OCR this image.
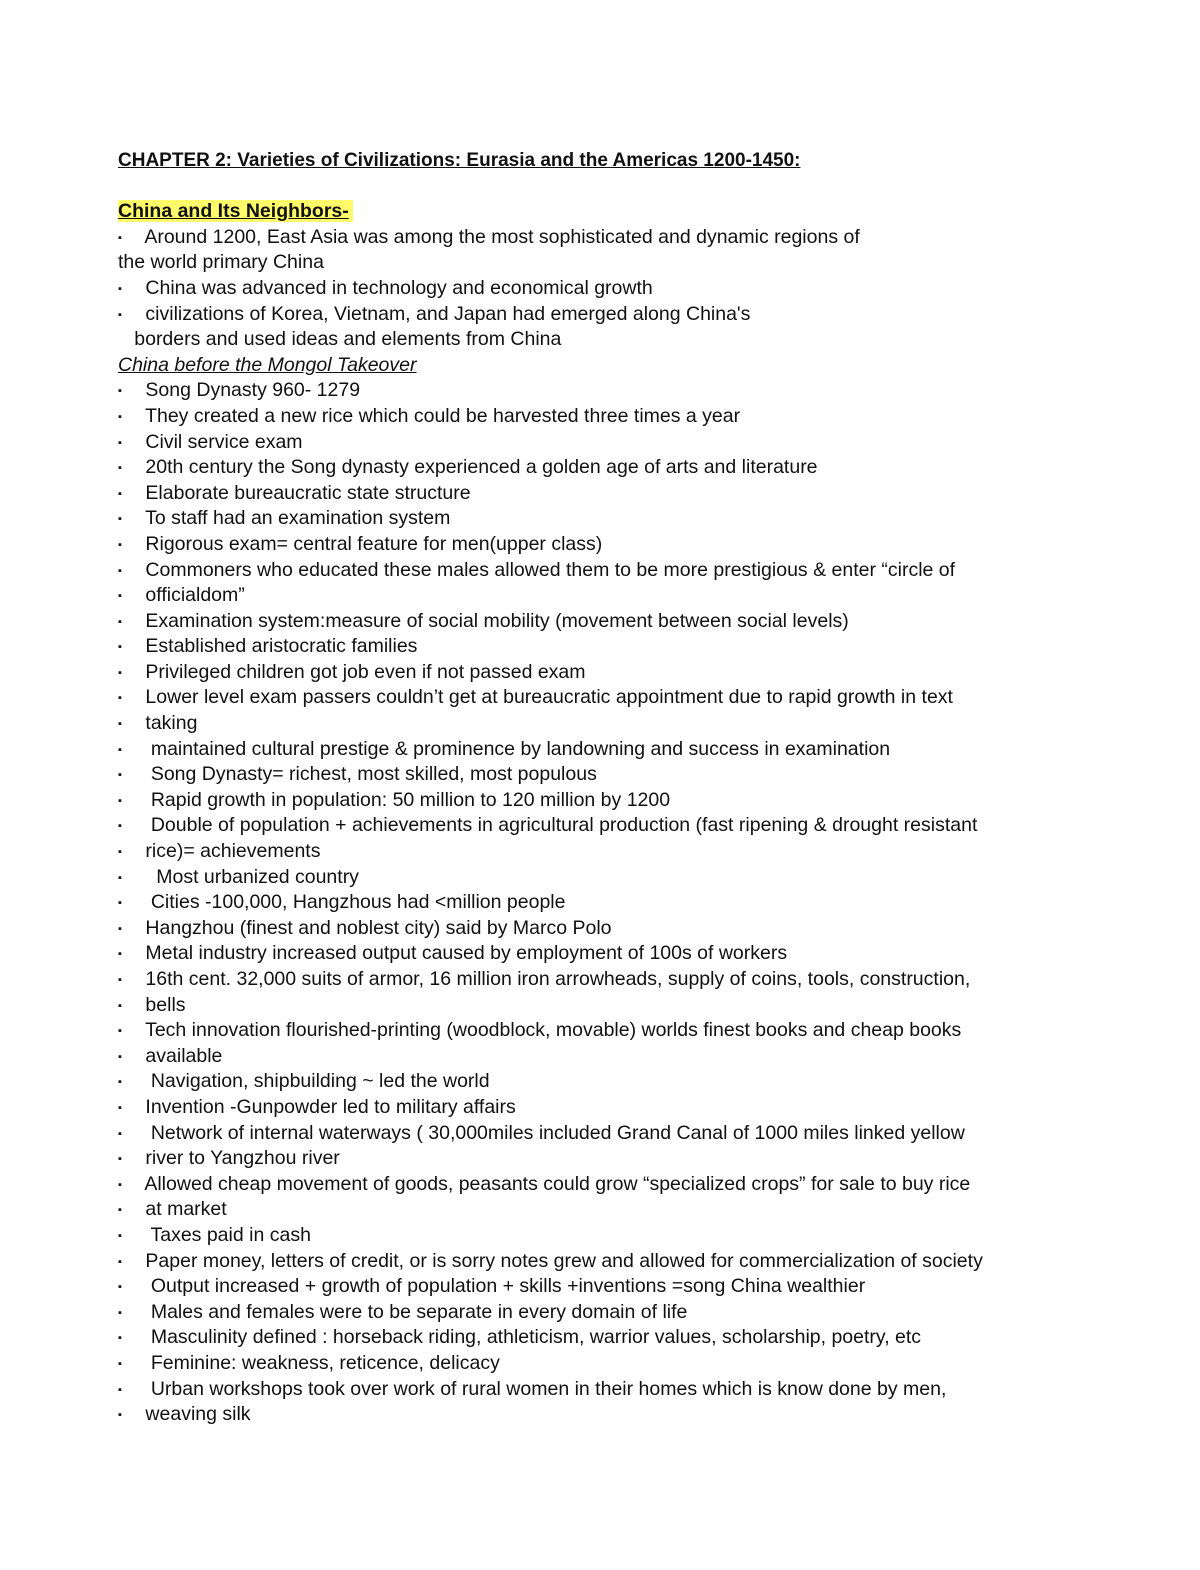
CHAPTER 2: Varieties of Civilizations: Eurasia and the Americas 1200-1450:
China and Its Neighbors-
▪ Around 1200, East Asia was among the most sophisticated and dynamic regions of
the world primary China
▪ China was advanced in technology and economical growth
▪ civilizations of Korea, Vietnam, and Japan had emerged along China's
borders and used ideas and elements from China
China before the Mongol Takeover
▪ Song Dynasty 960- 1279
▪ They created a new rice which could be harvested three times a year
▪ Civil service exam
▪ 20th century the Song dynasty experienced a golden age of arts and literature
▪ Elaborate bureaucratic state structure
▪ To staff had an examination system
▪ Rigorous exam= central feature for men(upper class)
▪ Commoners who educated these males allowed them to be more prestigious & enter “circle of
▪ officialdom”
▪ Examination system:measure of social mobility (movement between social levels)
▪ Established aristocratic families
▪ Privileged children got job even if not passed exam
▪ Lower level exam passers couldn’t get at bureaucratic appointment due to rapid growth in text
▪ taking
▪  maintained cultural prestige & prominence by landowning and success in examination
▪  Song Dynasty= richest, most skilled, most populous
▪  Rapid growth in population: 50 million to 120 million by 1200
▪  Double of population + achievements in agricultural production (fast ripening & drought resistant
▪ rice)= achievements
▪   Most urbanized country
▪  Cities -100,000, Hangzhous had <million people
▪ Hangzhou (finest and noblest city) said by Marco Polo
▪ Metal industry increased output caused by employment of 100s of workers
▪ 16th cent. 32,000 suits of armor, 16 million iron arrowheads, supply of coins, tools, construction,
▪ bells
▪ Tech innovation flourished-printing (woodblock, movable) worlds finest books and cheap books
▪ available
▪  Navigation, shipbuilding ~ led the world
▪ Invention -Gunpowder led to military affairs
▪  Network of internal waterways ( 30,000miles included Grand Canal of 1000 miles linked yellow
▪ river to Yangzhou river
▪ Allowed cheap movement of goods, peasants could grow “specialized crops” for sale to buy rice
▪ at market
▪  Taxes paid in cash
▪ Paper money, letters of credit, or is sorry notes grew and allowed for commercialization of society
▪  Output increased + growth of population + skills +inventions =song China wealthier
▪  Males and females were to be separate in every domain of life
▪  Masculinity defined : horseback riding, athleticism, warrior values, scholarship, poetry, etc
▪  Feminine: weakness, reticence, delicacy
▪  Urban workshops took over work of rural women in their homes which is know done by men,
▪ weaving silk
